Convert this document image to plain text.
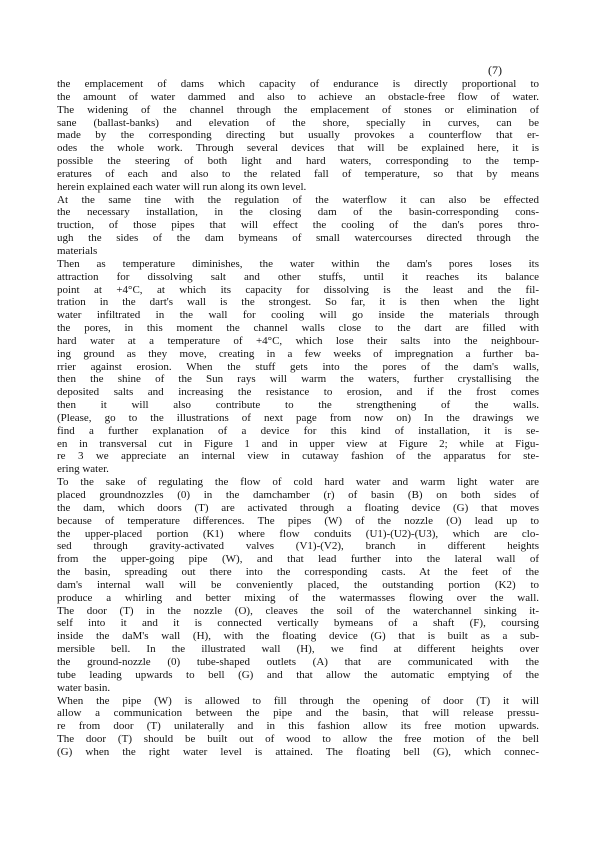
(7)
the emplacement of dams which capacity of endurance is directly proportional to
the amount of water dammed and also to achieve an obstacle-free flow of water.
The widening of the channel through the emplacement of stones or elimination of
sane (ballast-banks) and elevation of the shore, specially in curves, can be
made by the corresponding directing but usually provokes a counterflow that er-
odes the whole work. Through several devices that will be explained here, it is
possible the steering of both light and hard waters, corresponding to the temp-
eratures of each and also to the related fall of temperature, so that by means
herein explained each water will run along its own level.
At the same tine with the regulation of the waterflow it can also be effected
the necessary installation, in the closing dam of the basin-corresponding cons-
truction, of those pipes that will effect the cooling of the dan's pores thro-
ugh the sides of the dam bymeans of small watercourses directed through the
materials
Then as temperature diminishes, the water within the dam's pores loses its
attraction for dissolving salt and other stuffs, until it reaches its balance
point at +4°C, at which its capacity for dissolving is the least and the fil-
tration in the dart's wall is the strongest. So far, it is then when the light
water infiltrated in the wall for cooling will go inside the materials through
the pores, in this moment the channel walls close to the dart are filled with
hard water at a temperature of +4°C, which lose their salts into the neighbour-
ing ground as they move, creating in a few weeks of impregnation a further ba-
rrier against erosion. When the stuff gets into the pores of the dam's walls,
then the shine of the Sun rays will warm the waters, further crystallising the
deposited salts and increasing the resistance to erosion, and if the frost comes
then it will also contribute to the strengthening of the walls.
(Please, go to the illustrations of next page from now on) In the drawings we
find a further explanation of a device for this kind of installation, it is se-
en in transversal cut in Figure 1 and in upper view at Figure 2; while at Figu-
re 3 we appreciate an internal view in cutaway fashion of the apparatus for ste-
ering water.
To the sake of regulating the flow of cold hard water and warm light water are
placed groundnozzles (0) in the damchamber (r) of basin (B) on both sides of
the dam, which doors (T) are activated through a floating device (G) that moves
because of temperature differences. The pipes (W) of the nozzle (O) lead up to
the upper-placed portion (K1) where flow conduits (U1)-(U2)-(U3), which are clo-
sed through gravity-activated valves (V1)-(V2), branch in different heights
from the upper-going pipe (W), and that lead further into the lateral wall of
the basin, spreading out there into the corresponding casts. At the feet of the
dam's internal wall will be conveniently placed, the outstanding portion (K2) to
produce a whirling and better mixing of the watermasses flowing over the wall.
The door (T) in the nozzle (O), cleaves the soil of the waterchannel sinking it-
self into it and it is connected vertically bymeans of a shaft (F), coursing
inside the daM's wall (H), with the floating device (G) that is built as a sub-
mersible bell. In the illustrated wall (H), we find at different heights over
the ground-nozzle (0) tube-shaped outlets (A) that are communicated with the
tube leading upwards to bell (G) and that allow the automatic emptying of the
water basin.
When the pipe (W) is allowed to fill through the opening of door (T) it will
allow a communication between the pipe and the basin, that will release pressu-
re from door (T) unilaterally and in this fashion allow its free motion upwards.
The door (T) should be built out of wood to allow the free motion of the bell
(G) when the right water level is attained. The floating bell (G), which connec-
